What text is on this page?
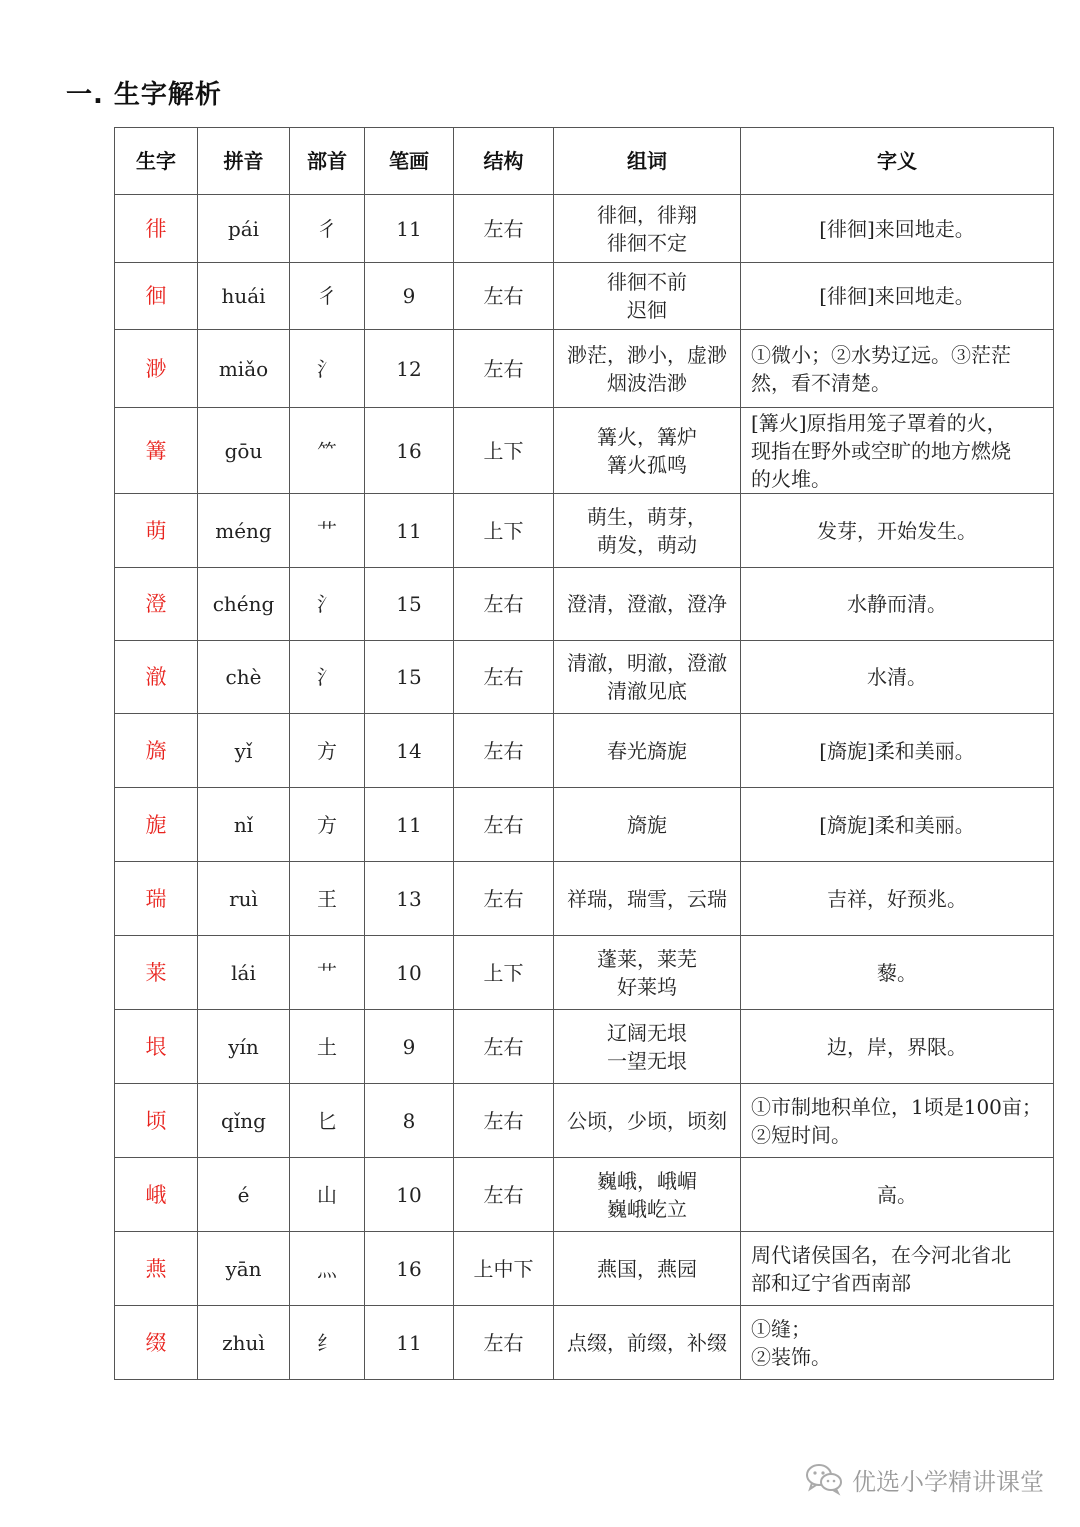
一. 生字解析
生字	拼音	部首	笔画	结构	组词	字义
徘	pái	彳	11	左右	徘徊，徘翔
徘徊不定	[徘徊]来回地走。

徊	huái	彳	9	左右	徘徊不前
迟徊	[徘徊]来回地走。

渺	miǎo	氵	12	左右	渺茫，渺小，虚渺
烟波浩渺	①微小；②水势辽远。③茫茫
然，看不清楚。

篝	gōu	⺮	16	上下	篝火，篝炉
篝火孤鸣	[篝火]原指用笼子罩着的火，
现指在野外或空旷的地方燃烧
的火堆。

萌	méng	艹	11	上下	萌生，萌芽，
萌发，萌动	发芽，开始发生。

澄	chéng	氵	15	左右	澄清，澄澈，澄净	水静而清。

澈	chè	氵	15	左右	清澈，明澈，澄澈
清澈见底	水清。

旖	yǐ	方	14	左右	春光旖旎	[旖旎]柔和美丽。

旎	nǐ	方	11	左右	旖旎	[旖旎]柔和美丽。

瑞	ruì	王	13	左右	祥瑞，瑞雪，云瑞	吉祥，好预兆。

莱	lái	艹	10	上下	蓬莱，莱芜
好莱坞	藜。

垠	yín	土	9	左右	辽阔无垠
一望无垠	边，岸，界限。

顷	qǐng	匕	8	左右	公顷，少顷，顷刻	①市制地积单位，1顷是100亩；
②短时间。

峨	é	山	10	左右	巍峨，峨嵋
巍峨屹立	高。

燕	yān	灬	16	上中下	燕国，燕园	周代诸侯国名，在今河北省北
部和辽宁省西南部

缀	zhuì	纟	11	左右	点缀，前缀，补缀	①缝；
②装饰。
优选小学精讲课堂
